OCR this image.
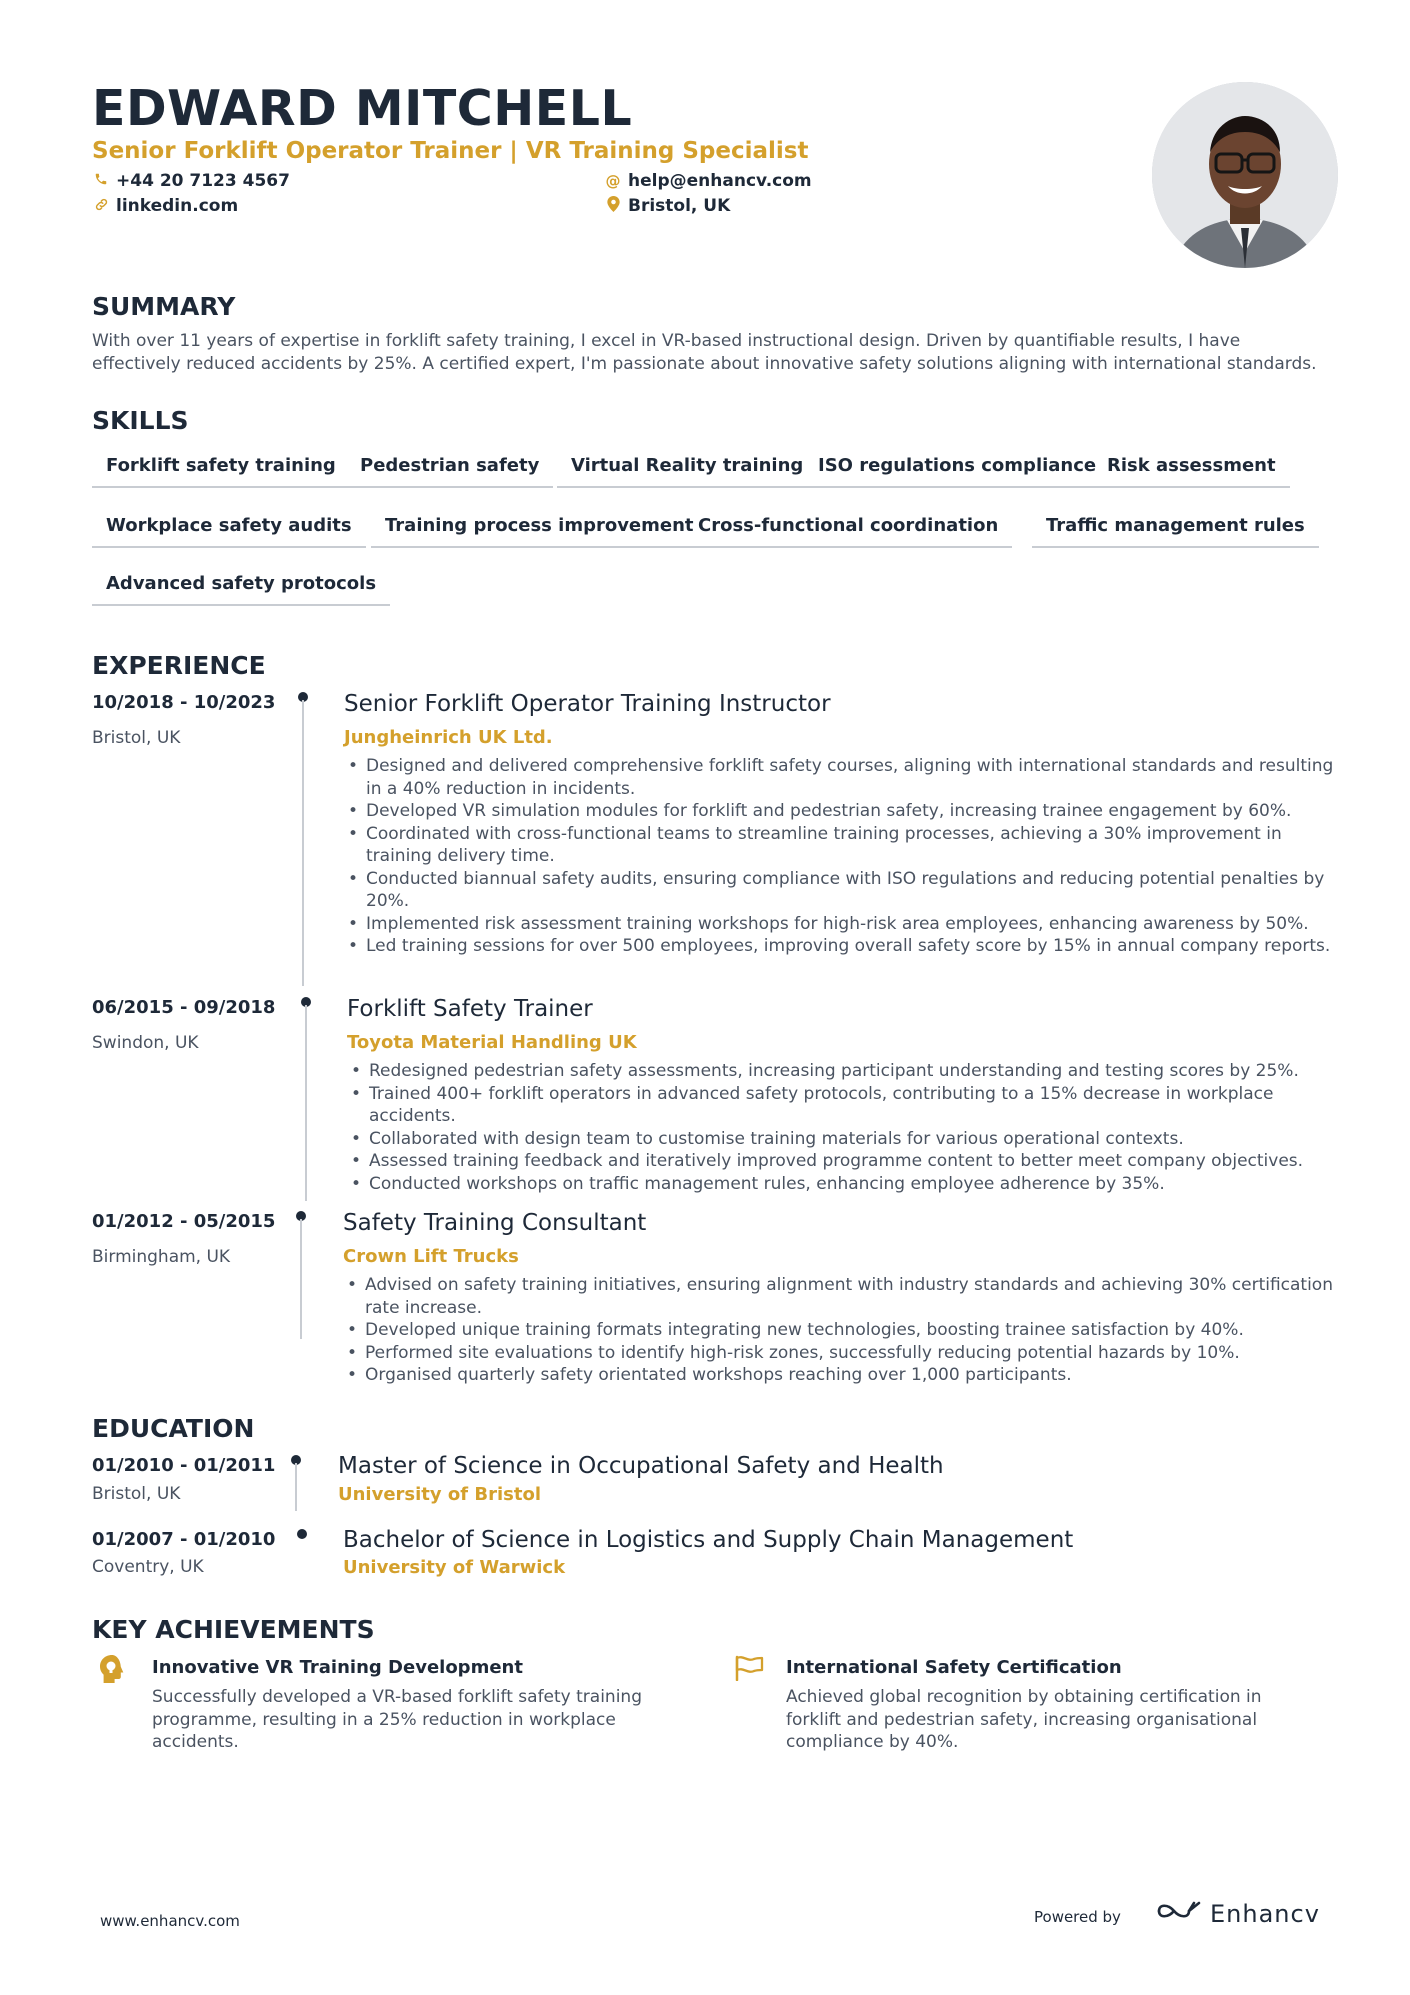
EDWARD MITCHELL
Senior Forklift Operator Trainer | VR Training Specialist
+44 20 7123 4567	@ help@enhancv.com
linkedin.com	Bristol, UK
SUMMARY
With over 11 years of expertise in forklift safety training, I excel in VR-based instructional design. Driven by quantifiable results, I have effectively reduced accidents by 25%. A certified expert, I'm passionate about innovative safety solutions aligning with international standards.
SKILLS
Forklift safety training	Pedestrian safety	Virtual Reality training ISO regulations compliance Risk assessment
Workplace safety audits	Training process improvement Cross-functional coordination	Traffic management rules
Advanced safety protocols
EXPERIENCE
10/2018 - 10/2023
Bristol, UK
Senior Forklift Operator Training Instructor
Jungheinrich UK Ltd.
• Designed and delivered comprehensive forklift safety courses, aligning with international standards and resulting in a 40% reduction in incidents.
• Developed VR simulation modules for forklift and pedestrian safety, increasing trainee engagement by 60%.
• Coordinated with cross-functional teams to streamline training processes, achieving a 30% improvement in training delivery time.
• Conducted biannual safety audits, ensuring compliance with ISO regulations and reducing potential penalties by 20%.
• Implemented risk assessment training workshops for high-risk area employees, enhancing awareness by 50%.
• Led training sessions for over 500 employees, improving overall safety score by 15% in annual company reports.
06/2015 - 09/2018
Swindon, UK
Forklift Safety Trainer
Toyota Material Handling UK
• Redesigned pedestrian safety assessments, increasing participant understanding and testing scores by 25%.
• Trained 400+ forklift operators in advanced safety protocols, contributing to a 15% decrease in workplace accidents.
• Collaborated with design team to customise training materials for various operational contexts.
• Assessed training feedback and iteratively improved programme content to better meet company objectives.
• Conducted workshops on traffic management rules, enhancing employee adherence by 35%.
01/2012 - 05/2015
Birmingham, UK
Safety Training Consultant
Crown Lift Trucks
• Advised on safety training initiatives, ensuring alignment with industry standards and achieving 30% certification rate increase.
• Developed unique training formats integrating new technologies, boosting trainee satisfaction by 40%.
• Performed site evaluations to identify high-risk zones, successfully reducing potential hazards by 10%.
• Organised quarterly safety orientated workshops reaching over 1,000 participants.
EDUCATION
01/2010 - 01/2011
Bristol, UK
Master of Science in Occupational Safety and Health
University of Bristol
01/2007 - 01/2010
Coventry, UK
Bachelor of Science in Logistics and Supply Chain Management
University of Warwick
KEY ACHIEVEMENTS
Innovative VR Training Development
Successfully developed a VR-based forklift safety training programme, resulting in a 25% reduction in workplace accidents.
International Safety Certification
Achieved global recognition by obtaining certification in forklift and pedestrian safety, increasing organisational compliance by 40%.
www.enhancv.com	Powered by	Enhancv
